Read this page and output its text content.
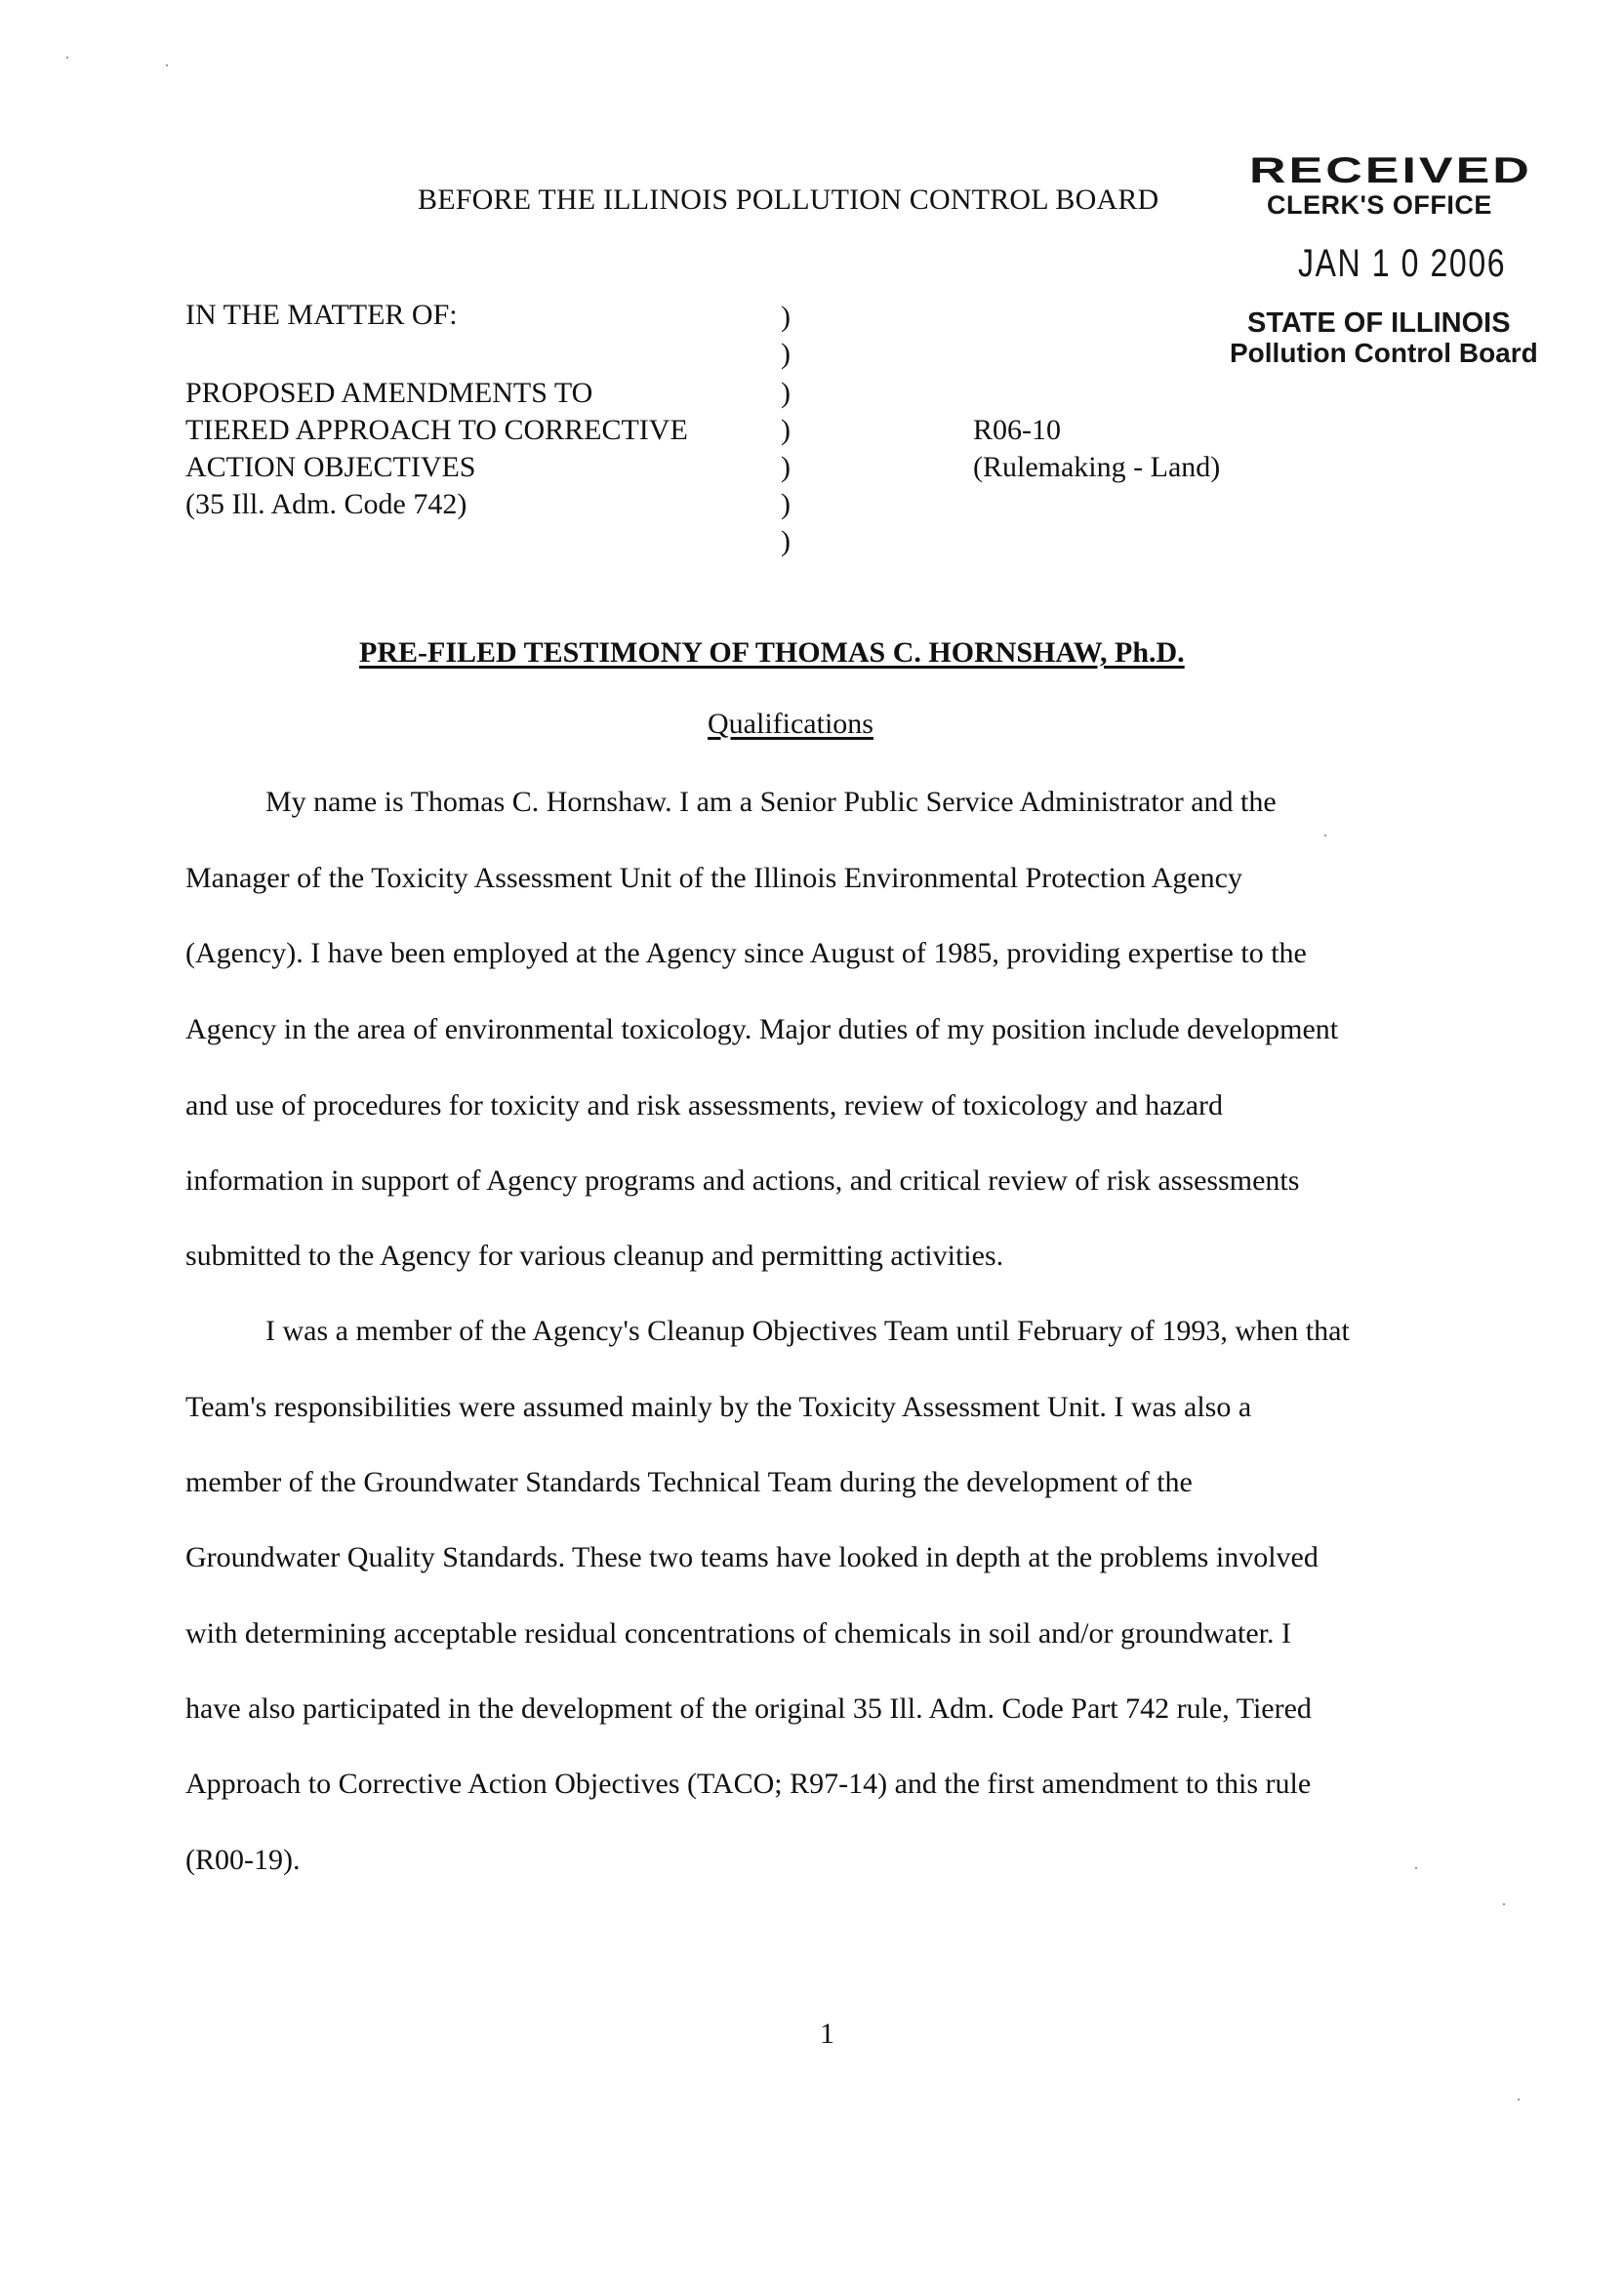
BEFORE THE ILLINOIS POLLUTION CONTROL BOARD
RECEIVED
CLERK'S OFFICE
JAN 1 0 2006
STATE OF ILLINOIS
Pollution Control Board
IN THE MATTER OF:
PROPOSED AMENDMENTS TO
TIERED APPROACH TO CORRECTIVE
ACTION OBJECTIVES
(35 Ill. Adm. Code 742)
)
)
)
)
)
)
)
R06-10
(Rulemaking - Land)
PRE-FILED TESTIMONY OF THOMAS C. HORNSHAW, Ph.D.
Qualifications
My name is Thomas C. Hornshaw. I am a Senior Public Service Administrator and the
Manager of the Toxicity Assessment Unit of the Illinois Environmental Protection Agency
(Agency). I have been employed at the Agency since August of 1985, providing expertise to the
Agency in the area of environmental toxicology. Major duties of my position include development
and use of procedures for toxicity and risk assessments, review of toxicology and hazard
information in support of Agency programs and actions, and critical review of risk assessments
submitted to the Agency for various cleanup and permitting activities.
I was a member of the Agency's Cleanup Objectives Team until February of 1993, when that
Team's responsibilities were assumed mainly by the Toxicity Assessment Unit. I was also a
member of the Groundwater Standards Technical Team during the development of the
Groundwater Quality Standards. These two teams have looked in depth at the problems involved
with determining acceptable residual concentrations of chemicals in soil and/or groundwater. I
have also participated in the development of the original 35 Ill. Adm. Code Part 742 rule, Tiered
Approach to Corrective Action Objectives (TACO; R97-14) and the first amendment to this rule
(R00-19).
1
